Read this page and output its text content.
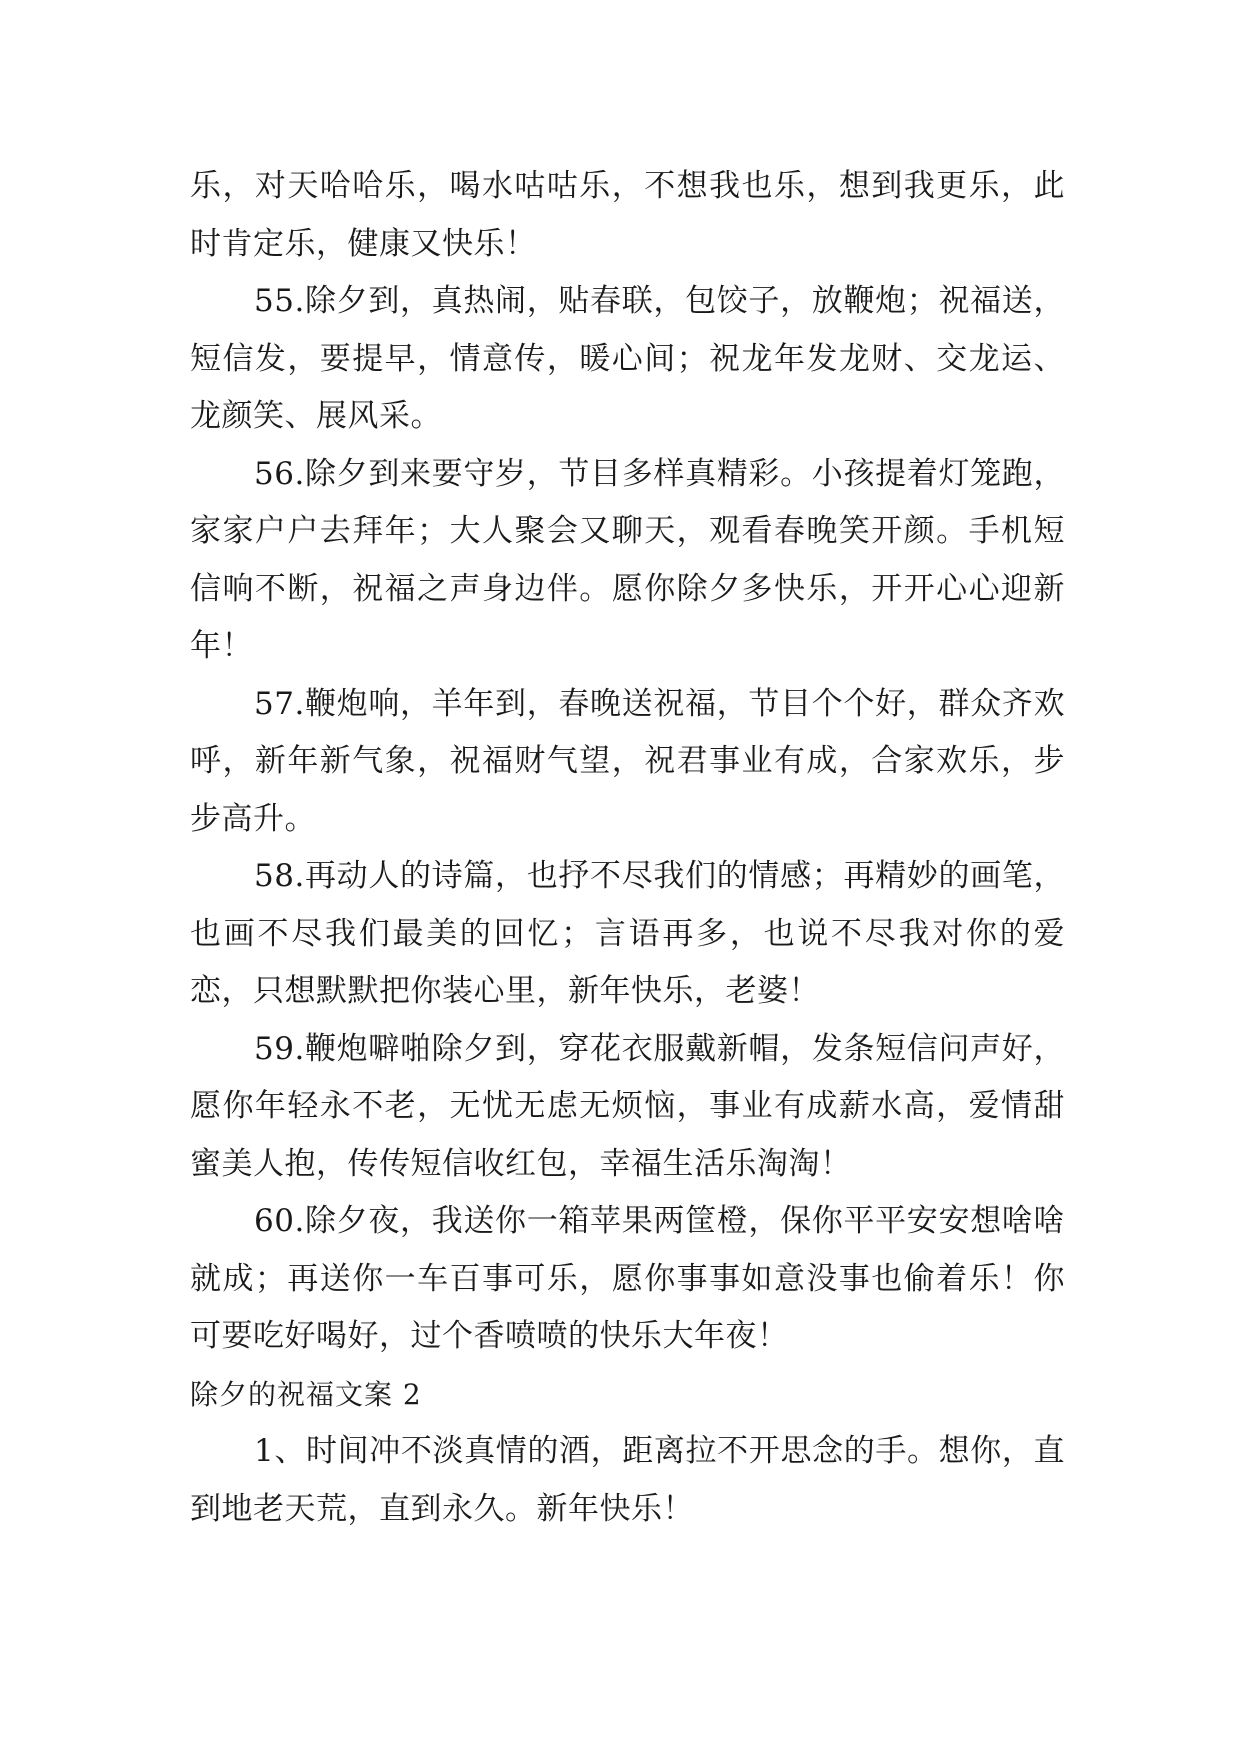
乐，对天哈哈乐，喝水咕咕乐，不想我也乐，想到我更乐，此时肯定乐，健康又快乐！

55.除夕到，真热闹，贴春联，包饺子，放鞭炮；祝福送，短信发，要提早，情意传，暖心间；祝龙年发龙财、交龙运、龙颜笑、展风采。

56.除夕到来要守岁，节目多样真精彩。小孩提着灯笼跑，家家户户去拜年；大人聚会又聊天，观看春晚笑开颜。手机短信响不断，祝福之声身边伴。愿你除夕多快乐，开开心心迎新年！

57.鞭炮响，羊年到，春晚送祝福，节目个个好，群众齐欢呼，新年新气象，祝福财气望，祝君事业有成，合家欢乐，步步高升。

58.再动人的诗篇，也抒不尽我们的情感；再精妙的画笔，也画不尽我们最美的回忆；言语再多，也说不尽我对你的爱恋，只想默默把你装心里，新年快乐，老婆！

59.鞭炮噼啪除夕到，穿花衣服戴新帽，发条短信问声好，愿你年轻永不老，无忧无虑无烦恼，事业有成薪水高，爱情甜蜜美人抱，传传短信收红包，幸福生活乐淘淘！

60.除夕夜，我送你一箱苹果两筐橙，保你平平安安想啥啥就成；再送你一车百事可乐，愿你事事如意没事也偷着乐！你可要吃好喝好，过个香喷喷的快乐大年夜！

除夕的祝福文案 2

1、时间冲不淡真情的酒，距离拉不开思念的手。想你，直到地老天荒，直到永久。新年快乐！
